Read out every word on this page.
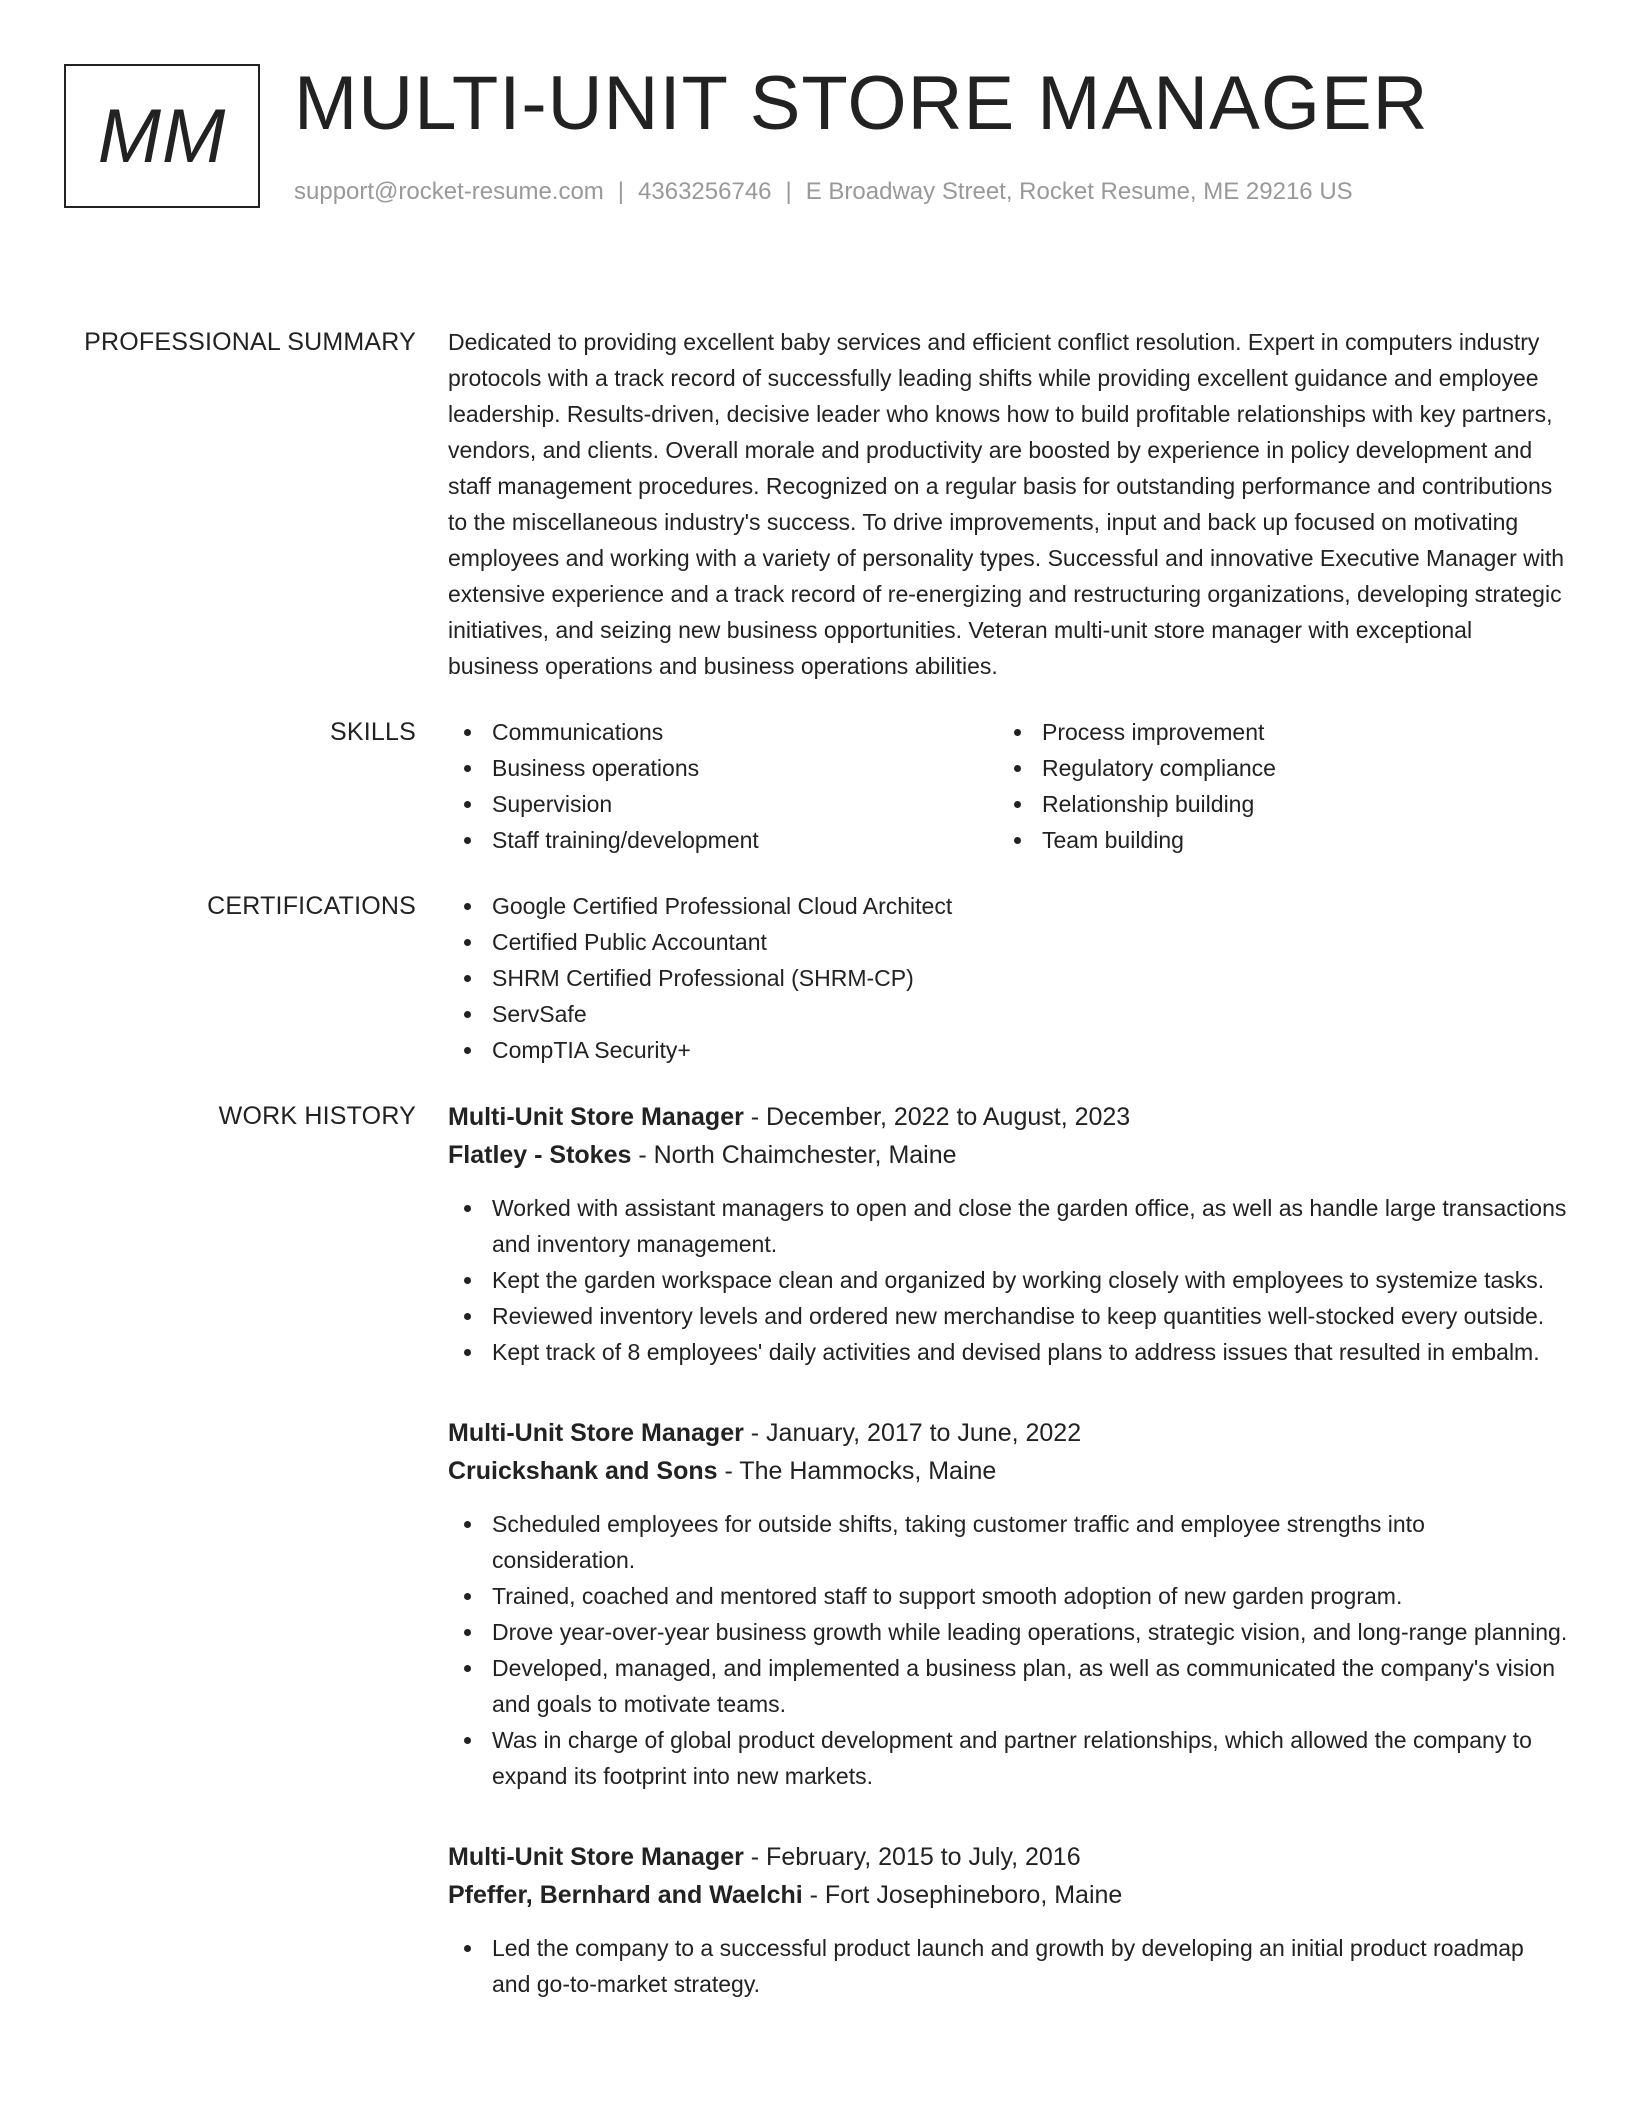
MM MULTI-UNIT STORE MANAGER
support@rocket-resume.com | 4363256746 | E Broadway Street, Rocket Resume, ME 29216 US
PROFESSIONAL SUMMARY Dedicated to providing excellent baby services and efficient conflict resolution. Expert in computers industry protocols with a track record of successfully leading shifts while providing excellent guidance and employee leadership. Results-driven, decisive leader who knows how to build profitable relationships with key partners, vendors, and clients. Overall morale and productivity are boosted by experience in policy development and staff management procedures. Recognized on a regular basis for outstanding performance and contributions to the miscellaneous industry's success. To drive improvements, input and back up focused on motivating employees and working with a variety of personality types. Successful and innovative Executive Manager with extensive experience and a track record of re-energizing and restructuring organizations, developing strategic initiatives, and seizing new business opportunities. Veteran multi-unit store manager with exceptional business operations and business operations abilities.
SKILLS	Communications
Business operations
Supervision
Staff training/development
Process improvement
Regulatory compliance
Relationship building
Team building
CERTIFICATIONS	Google Certified Professional Cloud Architect
Certified Public Accountant
SHRM Certified Professional (SHRM-CP)
ServSafe
CompTIA Security+
WORK HISTORY Multi-Unit Store Manager - December, 2022 to August, 2023
Flatley - Stokes - North Chaimchester, Maine
Worked with assistant managers to open and close the garden office, as well as handle large transactions and inventory management.
Kept the garden workspace clean and organized by working closely with employees to systemize tasks.
Reviewed inventory levels and ordered new merchandise to keep quantities well-stocked every outside.
Kept track of 8 employees' daily activities and devised plans to address issues that resulted in embalm.
Multi-Unit Store Manager - January, 2017 to June, 2022
Cruickshank and Sons - The Hammocks, Maine
Scheduled employees for outside shifts, taking customer traffic and employee strengths into consideration.
Trained, coached and mentored staff to support smooth adoption of new garden program.
Drove year-over-year business growth while leading operations, strategic vision, and long-range planning.
Developed, managed, and implemented a business plan, as well as communicated the company's vision and goals to motivate teams.
Was in charge of global product development and partner relationships, which allowed the company to expand its footprint into new markets.
Multi-Unit Store Manager - February, 2015 to July, 2016
Pfeffer, Bernhard and Waelchi - Fort Josephineboro, Maine
Led the company to a successful product launch and growth by developing an initial product roadmap and go-to-market strategy.
